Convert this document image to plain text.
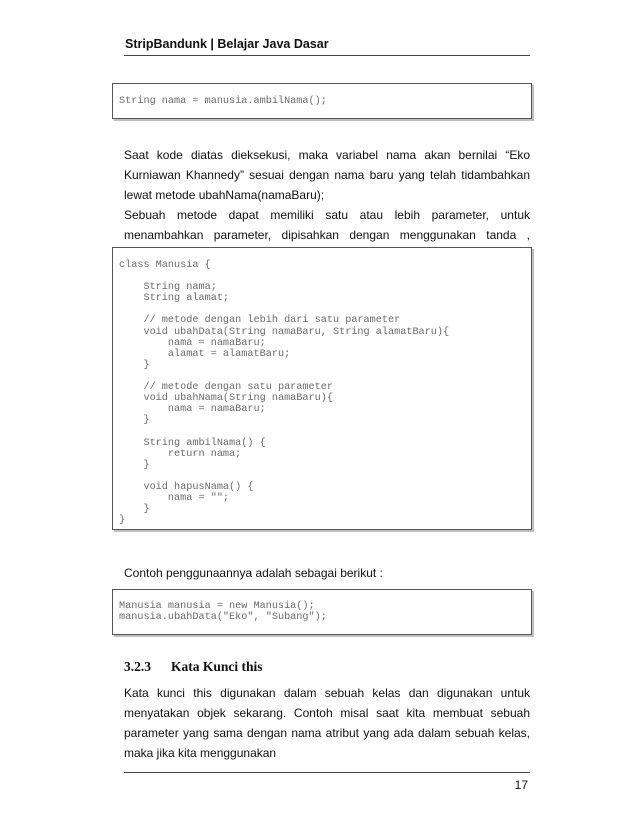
StripBandunk | Belajar Java Dasar
String nama = manusia.ambilNama();

Saat kode diatas dieksekusi, maka variabel nama akan bernilai “Eko Kurniawan Khannedy” sesuai dengan nama baru yang telah tidambahkan lewat metode ubahNama(namaBaru);

Sebuah metode dapat memiliki satu atau lebih parameter, untuk menambahkan parameter, dipisahkan dengan menggunakan tanda ,

class Manusia {

String nama;
String alamat;

// metode dengan lebih dari satu parameter
void ubahData(String namaBaru, String alamatBaru){
nama = namaBaru;
alamat = alamatBaru;
}

// metode dengan satu parameter
void ubahNama(String namaBaru){
nama = namaBaru;
}

String ambilNama() {
return nama;
}

void hapusNama() {
nama = "";
}
}

Contoh penggunaannya adalah sebagai berikut :

Manusia manusia = new Manusia();
manusia.ubahData("Eko", "Subang");
3.2.3 Kata Kunci this

Kata kunci this digunakan dalam sebuah kelas dan digunakan untuk menyatakan objek sekarang. Contoh misal saat kita membuat sebuah parameter yang sama dengan nama atribut yang ada dalam sebuah kelas, maka jika kita menggunakan

17
